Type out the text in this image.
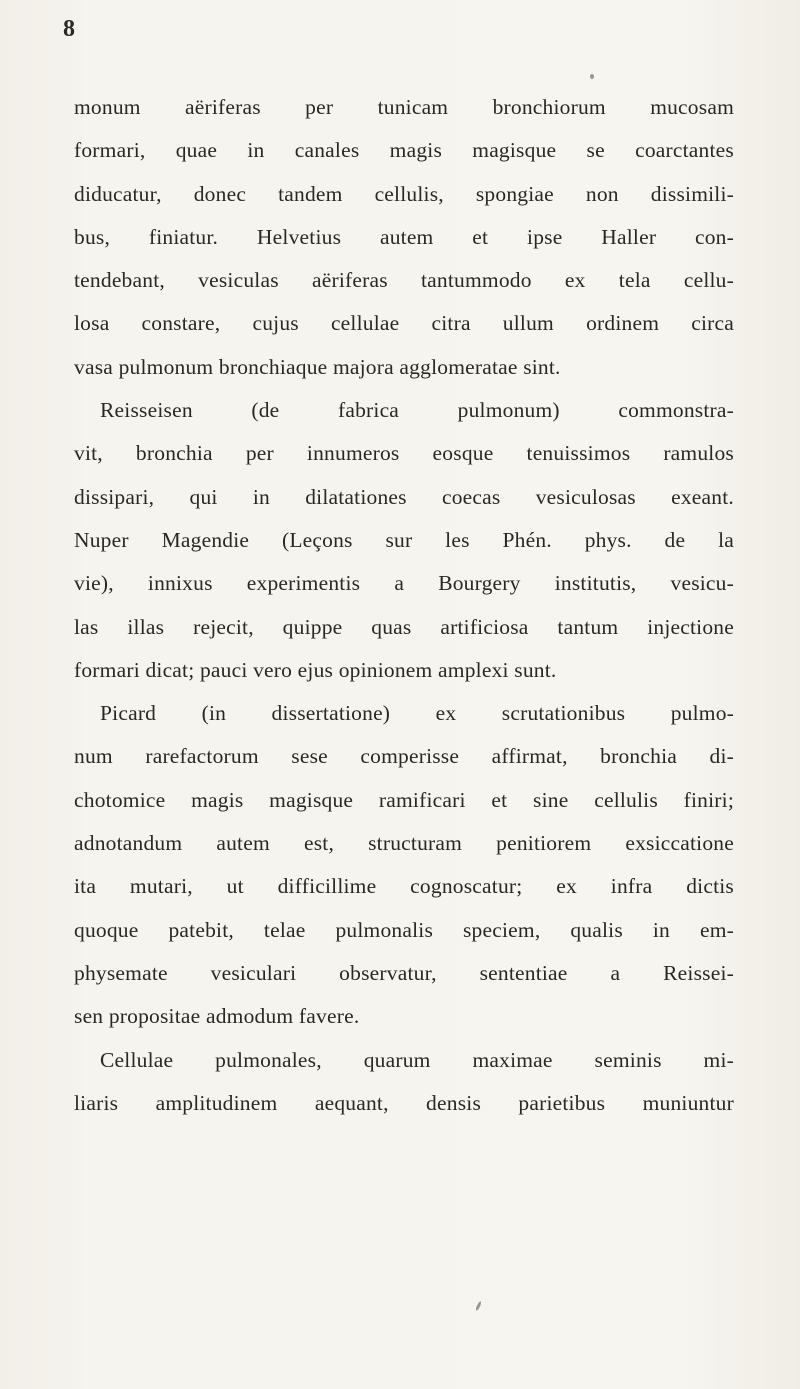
8
monum aëriferas per tunicam bronchiorum mucosam
formari, quae in canales magis magisque se coarctantes
diducatur, donec tandem cellulis, spongiae non dissimili-
bus, finiatur. Helvetius autem et ipse Haller con-
tendebant, vesiculas aëriferas tantummodo ex tela cellu-
losa constare, cujus cellulae citra ullum ordinem circa
vasa pulmonum bronchiaque majora agglomeratae sint.
Reisseisen (de fabrica pulmonum) commonstra-
vit, bronchia per innumeros eosque tenuissimos ramulos
dissipari, qui in dilatationes coecas vesiculosas exeant.
Nuper Magendie (Leçons sur les Phén. phys. de la
vie), innixus experimentis a Bourgery institutis, vesicu-
las illas rejecit, quippe quas artificiosa tantum injectione
formari dicat; pauci vero ejus opinionem amplexi sunt.
Picard (in dissertatione) ex scrutationibus pulmo-
num rarefactorum sese comperisse affirmat, bronchia di-
chotomice magis magisque ramificari et sine cellulis finiri;
adnotandum autem est, structuram penitiorem exsiccatione
ita mutari, ut difficillime cognoscatur; ex infra dictis
quoque patebit, telae pulmonalis speciem, qualis in em-
physemate vesiculari observatur, sententiae a Reissei-
sen propositae admodum favere.
Cellulae pulmonales, quarum maximae seminis mi-
liaris amplitudinem aequant, densis parietibus muniuntur
